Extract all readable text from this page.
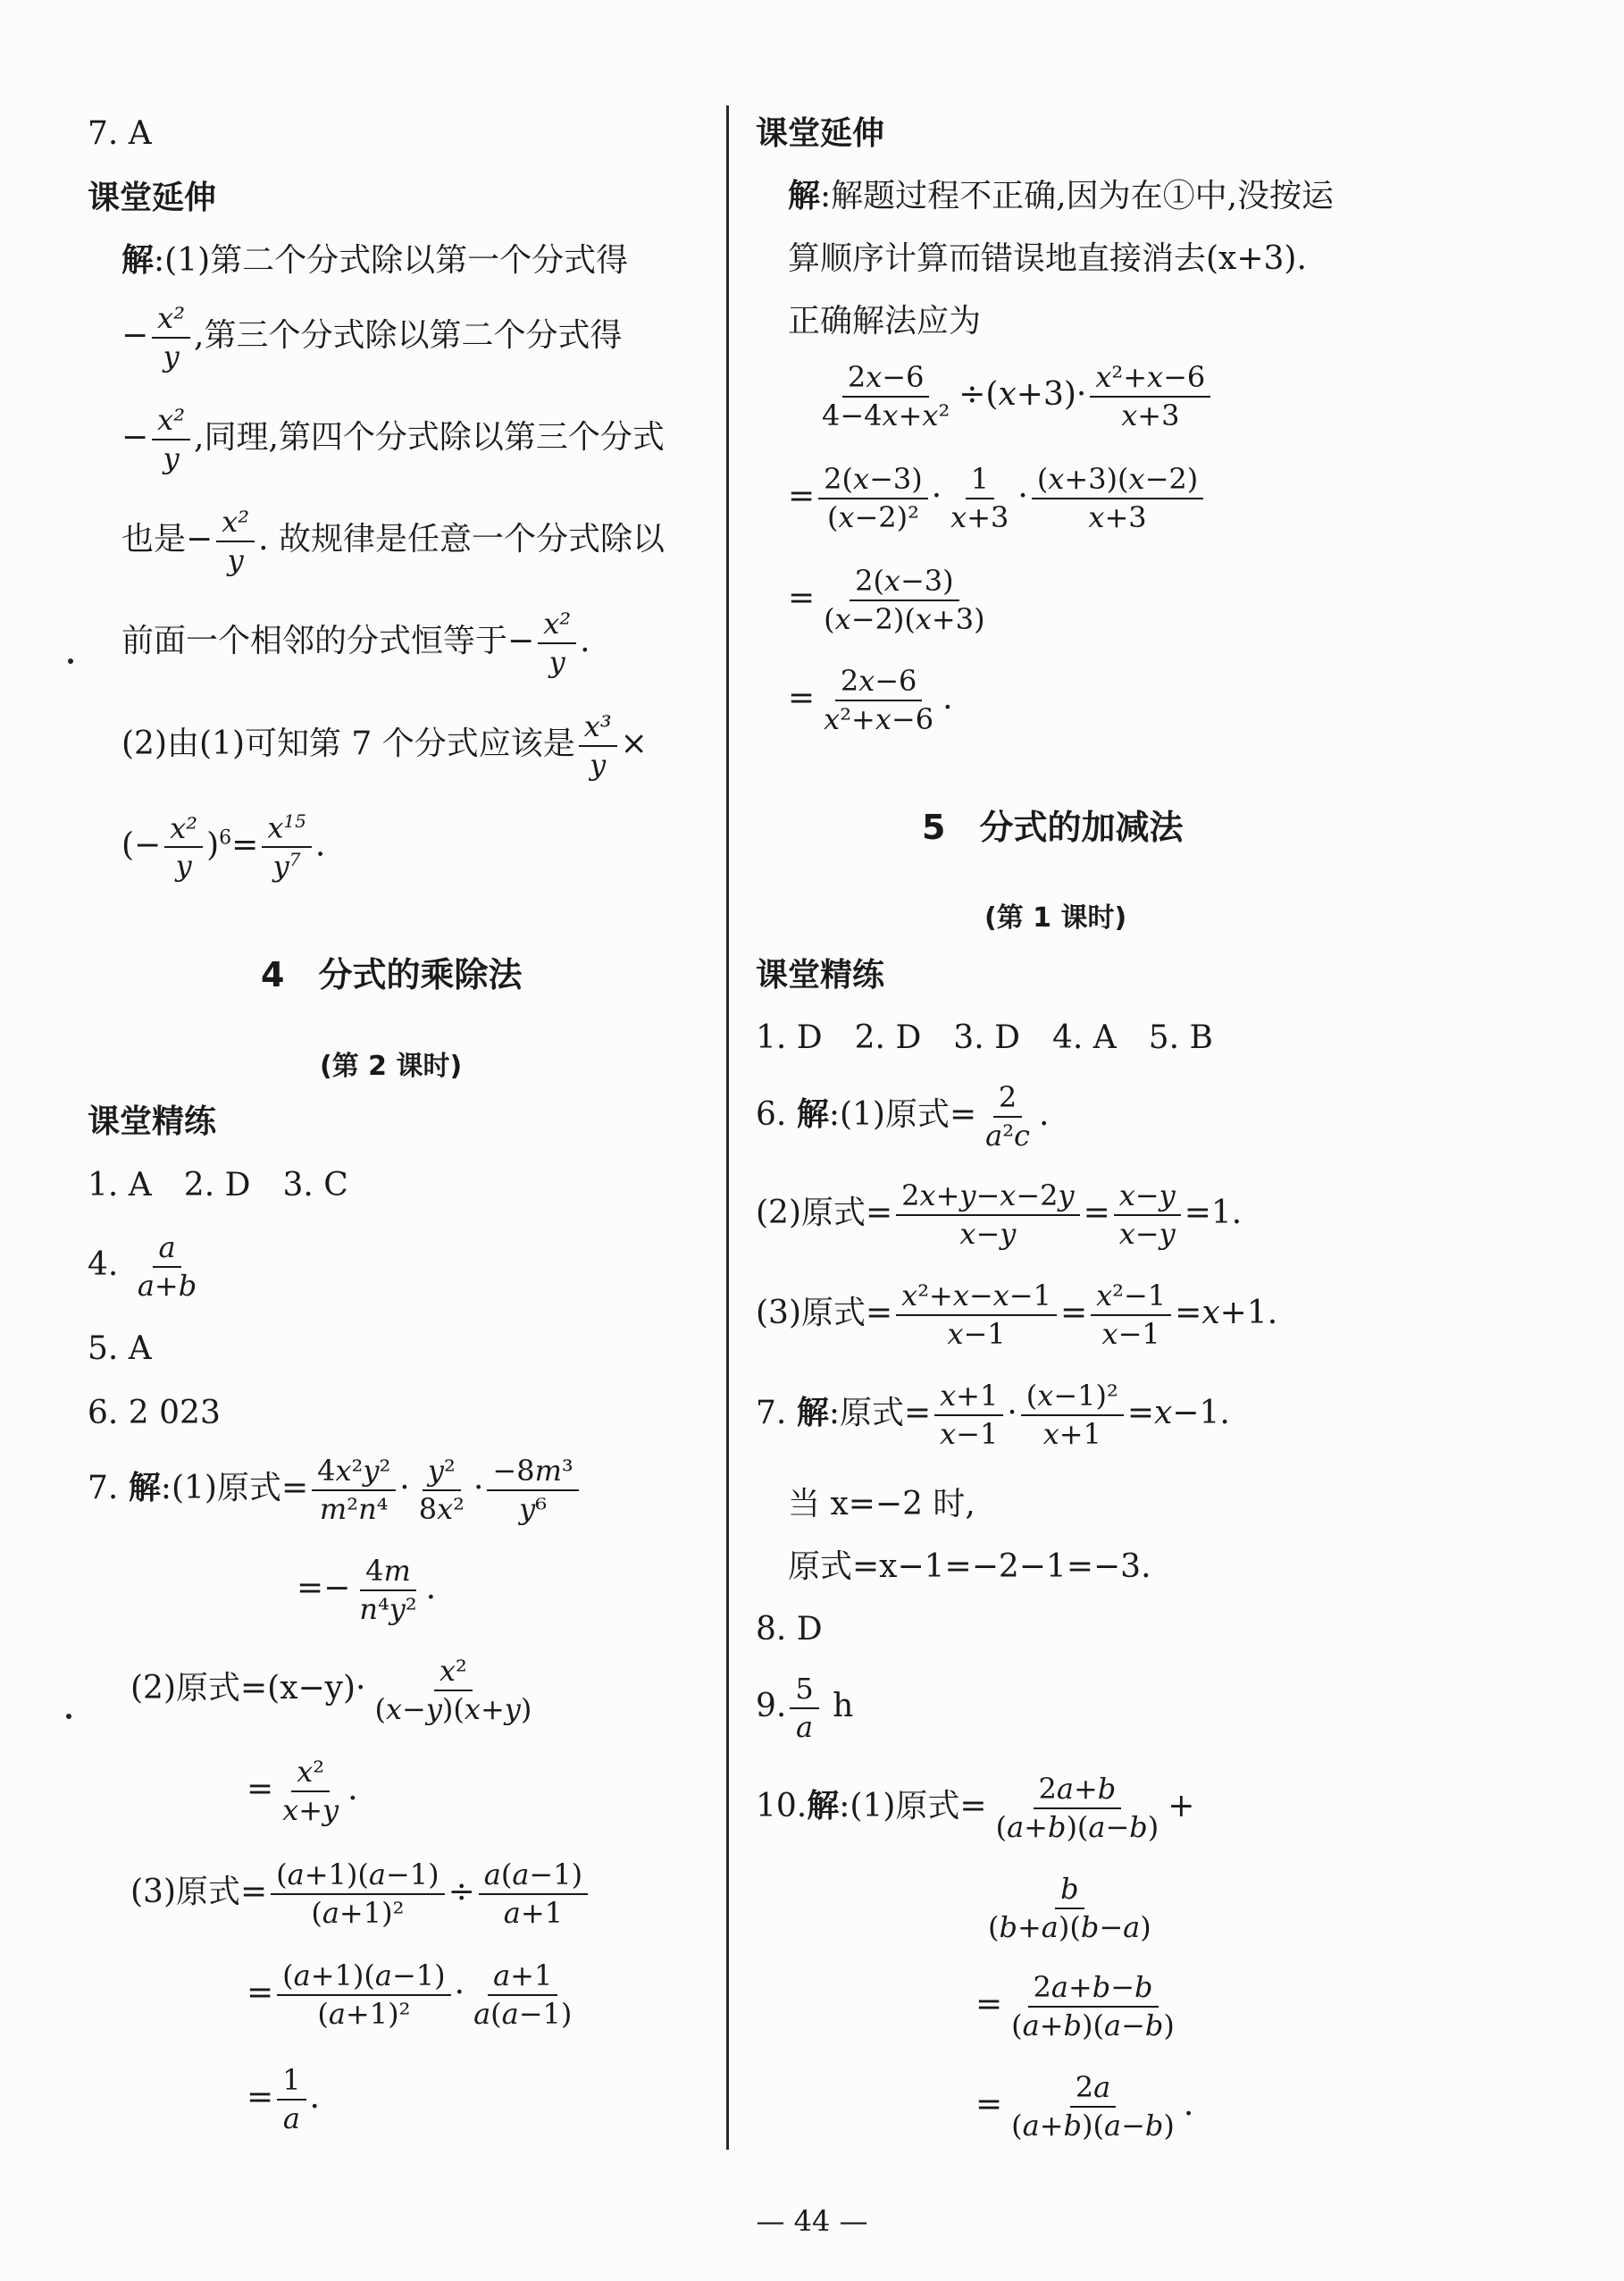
7. A
课堂延伸
解:(1)第二个分式除以第一个分式得
− $\frac{\text{x²}}{y}$ ,第三个分式除以第二个分式得
− $\frac{\text{x²}}{y}$ ,同理,第四个分式除以第三个分式
也是− $\frac{\text{x²}}{y}$ . 故规律是任意一个分式除以
前面一个相邻的分式恒等于− $\frac{\text{x²}}{y}$ .
(2)由(1)可知第 7 个分式应该是 $\frac{\text{x³}}{y}$ ×
(− $\frac{\text{x²}}{y} )^6= \frac{x^{15}}{y^7}$ .
4　分式的乘除法
(第 2 课时)
课堂精练
1. A　2. D　3. C
4. $\frac{a}{a+b}$
5. A
6. 2 023
7. 解:(1)原式= $\frac{\text{4x²y²}}{\text{m²n⁴}} \cdot \frac{\text{y²}}{\text{8x²}} \cdot \frac{\text{−8m³}}{\text{y⁶}}$
=− $\frac{4m}{\text{n⁴y²}}$ .
(2)原式$=(x-y)\cdot \frac{\text{x²}}{(x-y)(x+y)}$
= $\frac{\text{x²}}{x+y}$ .
(3)原式= $\frac{(a+1)(a-1)}{\text{(a+1)²}} \div \frac{a(a-1)}{a+1}$
= $\frac{(a+1)(a-1)}{\text{(a+1)²}} \cdot \frac{a+1}{a(a-1)}$
= $\frac{1}{a}$ .
课堂延伸
解:解题过程不正确,因为在①中,没按运
算顺序计算而错误地直接消去(x+3).
正确解法应为
$\frac{2x-6}{\text{4−4x+x²}} \div(x+3)\cdot \frac{\text{x²+x−6}}{x+3}$
= $\frac{2(x-3)}{\text{(x−2)²}} \cdot \frac{1}{x+3} \cdot \frac{(x+3)(x-2)}{x+3}$
= $\frac{2(x-3)}{(x-2)(x+3)}$
= $\frac{2x-6}{\text{x²+x−6}}$ .
5　分式的加减法
(第 1 课时)
课堂精练
1. D　2. D　3. D　4. A　5. B
6. 解:(1)原式= $\frac{2}{\text{a²c}}$ .
(2)原式= $\frac{2x+y-x-2y}{x-y} = \frac{x-y}{x-y} =1$.
(3)原式= $\frac{\text{x²+x−x−1}}{x-1} = \frac{\text{x²−1}}{x-1} =x+1$.
7. 解:原式= $\frac{x+1}{x-1} \cdot \frac{\text{(x−1)²}}{x+1} =x-1$.
当 x=−2 时,
原式=x−1=−2−1=−3.
8. D
9. $\frac{5}{a}$ h
10.解:(1)原式= $\frac{2a+b}{(a+b)(a-b)}$ +
$\frac{b}{(b+a)(b-a)}$
= $\frac{2a+b-b}{(a+b)(a-b)}$
= $\frac{2a}{(a+b)(a-b)}$ .
— 44 —
